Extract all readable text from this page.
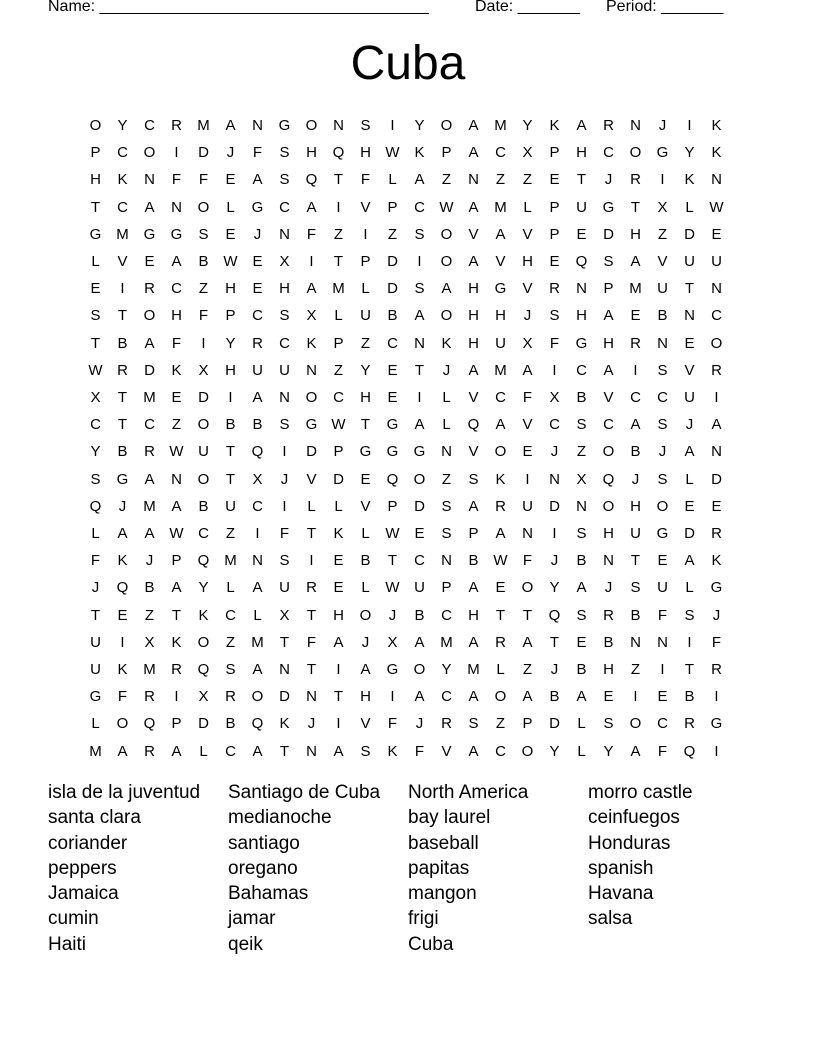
Name: _____________________________________	Date: _______ Period: _______
Cuba
O	Y	C	R	M	A	N	G	O	N	S	I	Y	O	A	M	Y	K	A	R	N	J	I	K
P	C	O	I	D	J	F	S	H	Q	H	W	K	P	A	C	X	P	H	C	O	G	Y	K
H	K	N	F	F	E	A	S	Q	T	F	L	A	Z	N	Z	Z	E	T	J	R	I	K	N
T	C	A	N	O	L	G	C	A	I	V	P	C	W	A	M	L	P	U	G	T	X	L	W
G	M	G	G	S	E	J	N	F	Z	I	Z	S	O	V	A	V	P	E	D	H	Z	D	E
L	V	E	A	B	W	E	X	I	T	P	D	I	O	A	V	H	E	Q	S	A	V	U	U
E	I	R	C	Z	H	E	H	A	M	L	D	S	A	H	G	V	R	N	P	M	U	T	N
S	T	O	H	F	P	C	S	X	L	U	B	A	O	H	H	J	S	H	A	E	B	N	C
T	B	A	F	I	Y	R	C	K	P	Z	C	N	K	H	U	X	F	G	H	R	N	E	O
W	R	D	K	X	H	U	U	N	Z	Y	E	T	J	A	M	A	I	C	A	I	S	V	R
X	T	M	E	D	I	A	N	O	C	H	E	I	L	V	C	F	X	B	V	C	C	U	I
C	T	C	Z	O	B	B	S	G	W	T	G	A	L	Q	A	V	C	S	C	A	S	J	A
Y	B	R	W	U	T	Q	I	D	P	G	G	G	N	V	O	E	J	Z	O	B	J	A	N
S	G	A	N	O	T	X	J	V	D	E	Q	O	Z	S	K	I	N	X	Q	J	S	L	D
Q	J	M	A	B	U	C	I	L	L	V	P	D	S	A	R	U	D	N	O	H	O	E	E
L	A	A	W	C	Z	I	F	T	K	L	W	E	S	P	A	N	I	S	H	U	G	D	R
F	K	J	P	Q	M	N	S	I	E	B	T	C	N	B	W	F	J	B	N	T	E	A	K
J	Q	B	A	Y	L	A	U	R	E	L	W	U	P	A	E	O	Y	A	J	S	U	L	G
T	E	Z	T	K	C	L	X	T	H	O	J	B	C	H	T	T	Q	S	R	B	F	S	J
U	I	X	K	O	Z	M	T	F	A	J	X	A	M	A	R	A	T	E	B	N	N	I	F
U	K	M	R	Q	S	A	N	T	I	A	G	O	Y	M	L	Z	J	B	H	Z	I	T	R
G	F	R	I	X	R	O	D	N	T	H	I	A	C	A	O	A	B	A	E	I	E	B	I
L	O	Q	P	D	B	Q	K	J	I	V	F	J	R	S	Z	P	D	L	S	O	C	R	G
M	A	R	A	L	C	A	T	N	A	S	K	F	V	A	C	O	Y	L	Y	A	F	Q	I
isla de la juventud
santa clara
coriander
peppers
Jamaica
cumin
Haiti
Santiago de Cuba
medianoche
santiago
oregano
Bahamas
jamar
qeik
North America
bay laurel
baseball
papitas
mangon
frigi
Cuba
morro castle
ceinfuegos
Honduras
spanish
Havana
salsa
